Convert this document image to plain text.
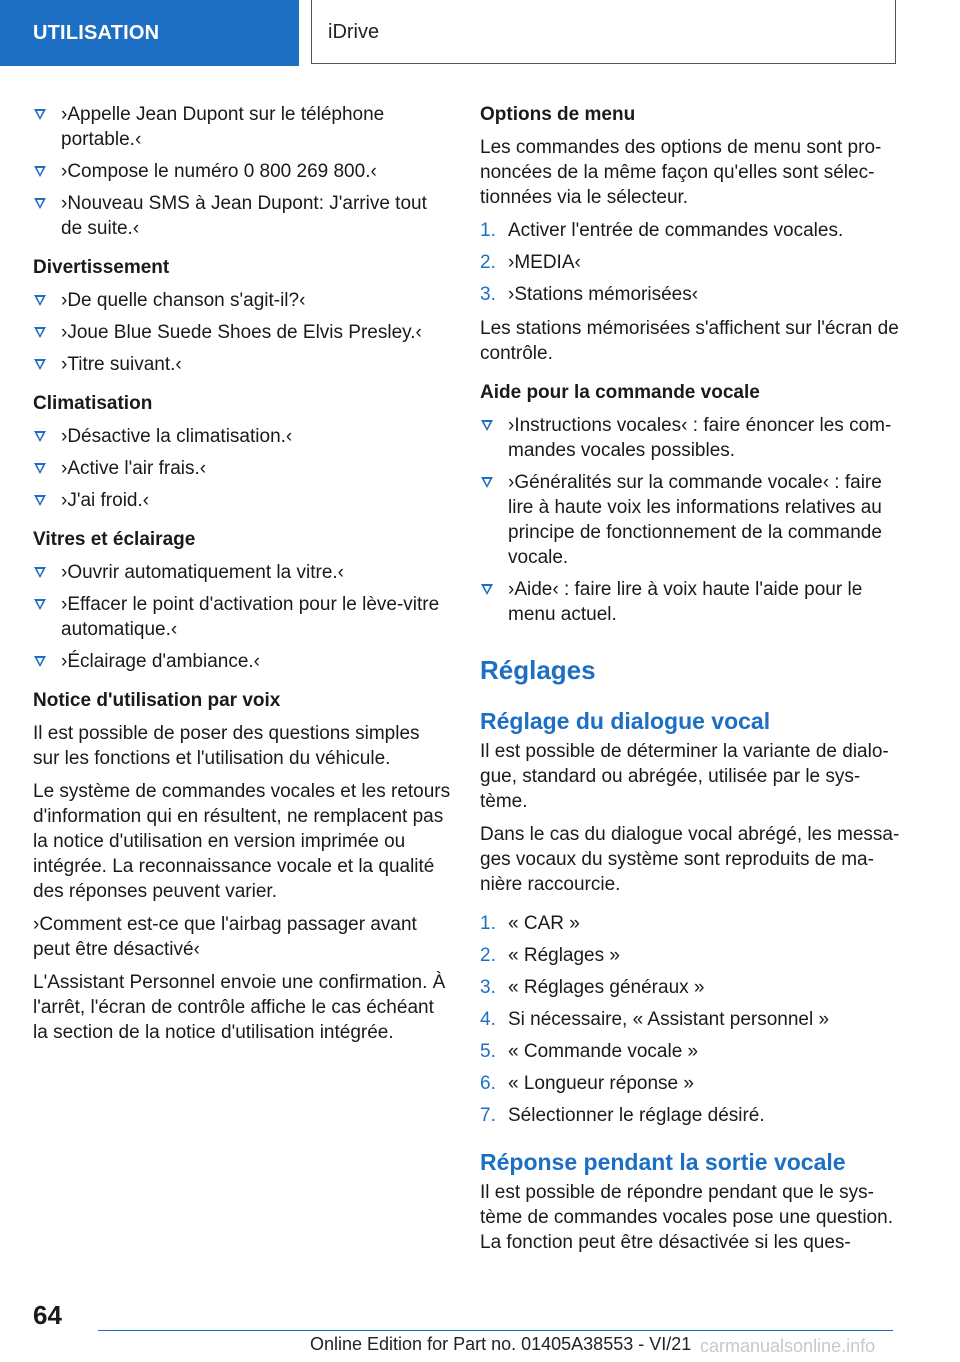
UTILISATION	iDrive
›Appelle Jean Dupont sur le téléphone portable.‹
›Compose le numéro 0 800 269 800.‹
›Nouveau SMS à Jean Dupont: J'arrive tout de suite.‹
Divertissement
›De quelle chanson s'agit-il?‹
›Joue Blue Suede Shoes de Elvis Presley.‹
›Titre suivant.‹
Climatisation
›Désactive la climatisation.‹
›Active l'air frais.‹
›J'ai froid.‹
Vitres et éclairage
›Ouvrir automatiquement la vitre.‹
›Effacer le point d'activation pour le lève-vitre automatique.‹
›Éclairage d'ambiance.‹
Notice d'utilisation par voix

Il est possible de poser des questions simples sur les fonctions et l'utilisation du véhicule.

Le système de commandes vocales et les retours d'information qui en résultent, ne remplacent pas la notice d'utilisation en version imprimée ou intégrée. La reconnaissance vocale et la qualité des réponses peuvent varier.

›Comment est-ce que l'airbag passager avant peut être désactivé‹

L'Assistant Personnel envoie une confirmation. À l'arrêt, l'écran de contrôle affiche le cas échéant la section de la notice d'utilisation intégrée.

Options de menu

Les commandes des options de menu sont prononcées de la même façon qu'elles sont sélectionnées via le sélecteur.

1. Activer l'entrée de commandes vocales.
2. ›MEDIA‹
3. ›Stations mémorisées‹

Les stations mémorisées s'affichent sur l'écran de contrôle.

Aide pour la commande vocale
›Instructions vocales‹ : faire énoncer les commandes vocales possibles.
›Généralités sur la commande vocale‹ : faire lire à haute voix les informations relatives au principe de fonctionnement de la commande vocale.
›Aide‹ : faire lire à voix haute l'aide pour le menu actuel.
Réglages
Réglage du dialogue vocal

Il est possible de déterminer la variante de dialogue, standard ou abrégée, utilisée par le système.

Dans le cas du dialogue vocal abrégé, les messages vocaux du système sont reproduits de manière raccourcie.

1. « CAR »
2. « Réglages »
3. « Réglages généraux »
4. Si nécessaire, « Assistant personnel »
5. « Commande vocale »
6. « Longueur réponse »
7. Sélectionner le réglage désiré.
Réponse pendant la sortie vocale

Il est possible de répondre pendant que le système de commandes vocales pose une question. La fonction peut être désactivée si les ques-

64
Online Edition for Part no. 01405A38553 - VI/21 carmanualsonline.info
